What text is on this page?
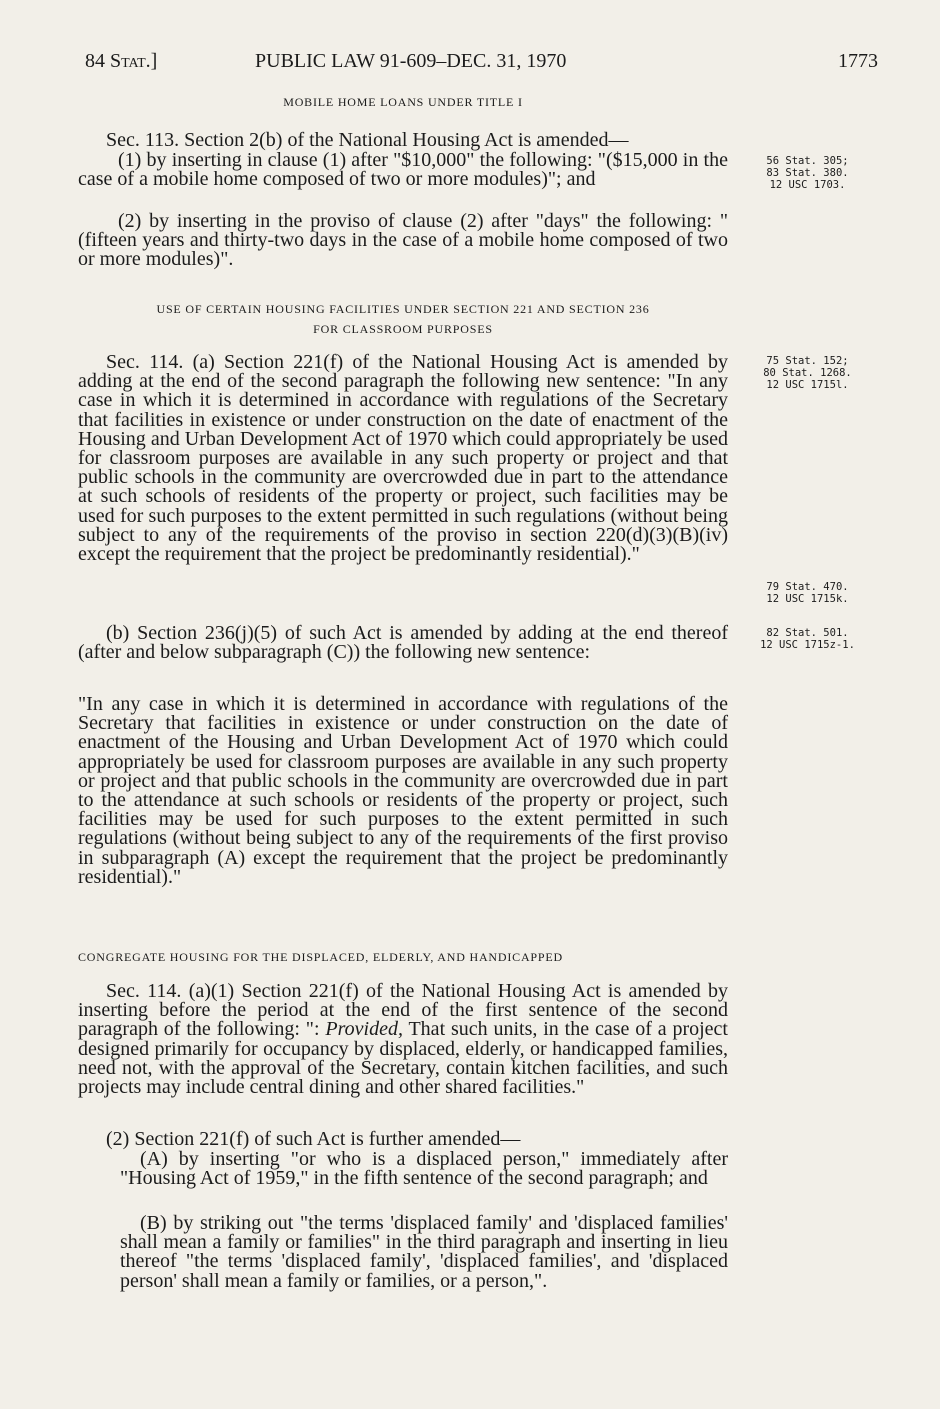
84 Stat.]	PUBLIC LAW 91-609–DEC. 31, 1970	1773
MOBILE HOME LOANS UNDER TITLE I
Sec. 113. Section 2(b) of the National Housing Act is amended—
(1) by inserting in clause (1) after "$10,000" the following: "($15,000 in the case of a mobile home composed of two or more modules)"; and
(2) by inserting in the proviso of clause (2) after "days" the following: "(fifteen years and thirty-two days in the case of a mobile home composed of two or more modules)".
56 Stat. 305;
83 Stat. 380.
12 USC 1703.
USE OF CERTAIN HOUSING FACILITIES UNDER SECTION 221 AND SECTION 236
FOR CLASSROOM PURPOSES
Sec. 114. (a) Section 221(f) of the National Housing Act is amended by adding at the end of the second paragraph the following new sentence: "In any case in which it is determined in accordance with regulations of the Secretary that facilities in existence or under construction on the date of enactment of the Housing and Urban Development Act of 1970 which could appropriately be used for classroom purposes are available in any such property or project and that public schools in the community are overcrowded due in part to the attendance at such schools of residents of the property or project, such facilities may be used for such purposes to the extent permitted in such regulations (without being subject to any of the requirements of the proviso in section 220(d)(3)(B)(iv) except the requirement that the project be predominantly residential)."
(b) Section 236(j)(5) of such Act is amended by adding at the end thereof (after and below subparagraph (C)) the following new sentence:
"In any case in which it is determined in accordance with regulations of the Secretary that facilities in existence or under construction on the date of enactment of the Housing and Urban Development Act of 1970 which could appropriately be used for classroom purposes are available in any such property or project and that public schools in the community are overcrowded due in part to the attendance at such schools or residents of the property or project, such facilities may be used for such purposes to the extent permitted in such regulations (without being subject to any of the requirements of the first proviso in subparagraph (A) except the requirement that the project be predominantly residential)."
75 Stat. 152;
80 Stat. 1268.
12 USC 1715l.
79 Stat. 470.
12 USC 1715k.
82 Stat. 501.
12 USC 1715z-1.
CONGREGATE HOUSING FOR THE DISPLACED, ELDERLY, AND HANDICAPPED
Sec. 114. (a)(1) Section 221(f) of the National Housing Act is amended by inserting before the period at the end of the first sentence of the second paragraph of the following: ": Provided, That such units, in the case of a project designed primarily for occupancy by displaced, elderly, or handicapped families, need not, with the approval of the Secretary, contain kitchen facilities, and such projects may include central dining and other shared facilities."
(2) Section 221(f) of such Act is further amended—
(A) by inserting "or who is a displaced person," immediately after "Housing Act of 1959," in the fifth sentence of the second paragraph; and
(B) by striking out "the terms 'displaced family' and 'displaced families' shall mean a family or families" in the third paragraph and inserting in lieu thereof "the terms 'displaced family', 'displaced families', and 'displaced person' shall mean a family or families, or a person,".
